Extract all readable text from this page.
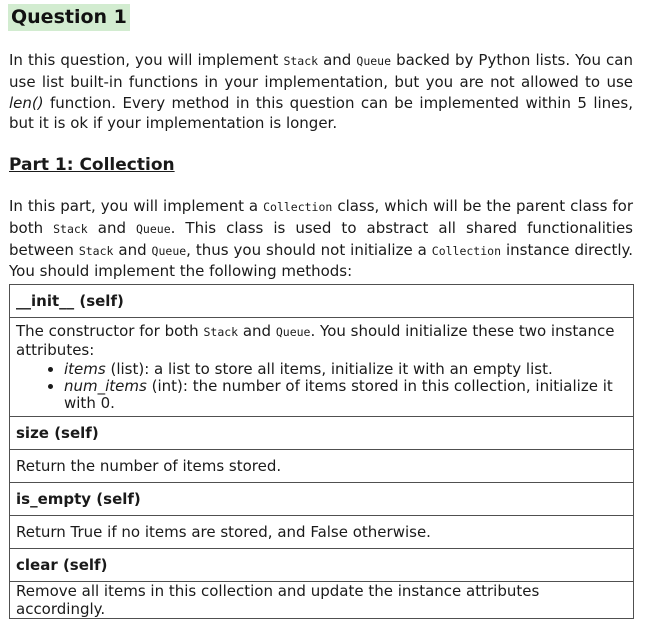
Question 1

In this question, you will implement Stack and Queue backed by Python lists. You can use list built-in functions in your implementation, but you are not allowed to use len() function. Every method in this question can be implemented within 5 lines, but it is ok if your implementation is longer.

Part 1: Collection

In this part, you will implement a Collection class, which will be the parent class for both Stack and Queue. This class is used to abstract all shared functionalities between Stack and Queue, thus you should not initialize a Collection instance directly. You should implement the following methods:

__init__ (self)
The constructor for both Stack and Queue. You should initialize these two instance attributes:
• items (list): a list to store all items, initialize it with an empty list.
• num_items (int): the number of items stored in this collection, initialize it with 0.

size (self)
Return the number of items stored.
is_empty (self)
Return True if no items are stored, and False otherwise.
clear (self)
Remove all items in this collection and update the instance attributes accordingly.
